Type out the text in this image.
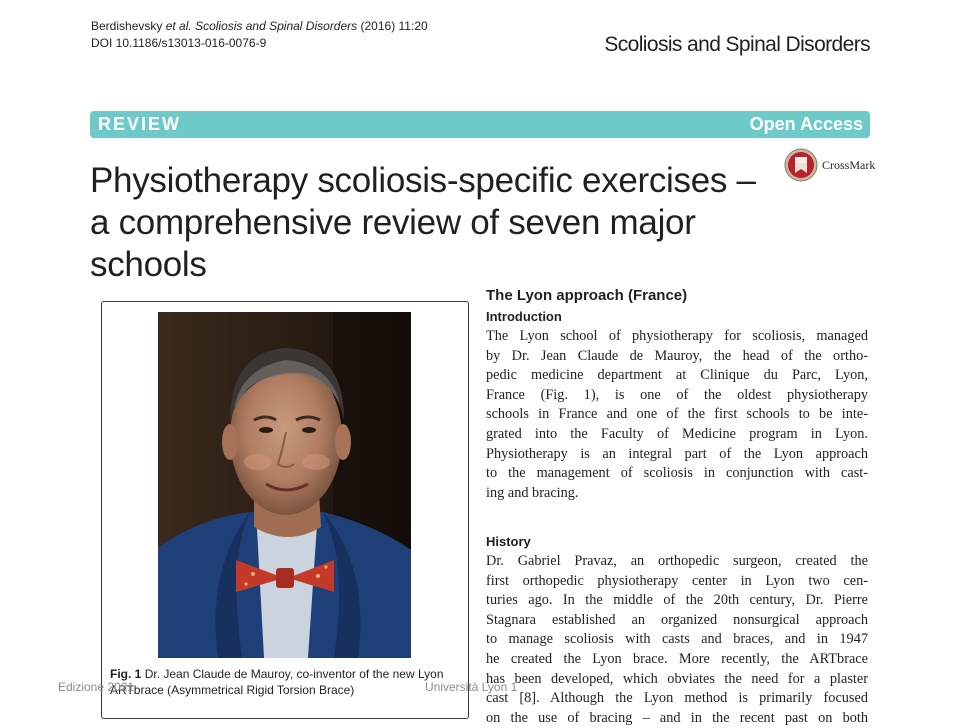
Berdishevsky et al. Scoliosis and Spinal Disorders (2016) 11:20
DOI 10.1186/s13013-016-0076-9	Scoliosis and Spinal Disorders
REVIEW	Open Access
Physiotherapy scoliosis-specific exercises –
a comprehensive review of seven major
schools
CrossMark
Fig. 1 Dr. Jean Claude de Mauroy, co-inventor of the new Lyon ARTbrace (Asymmetrical Rigid Torsion Brace)
Edizione 2021	Università Lyon 1
The Lyon approach (France)
Introduction
The Lyon school of physiotherapy for scoliosis, managed
by Dr. Jean Claude de Mauroy, the head of the ortho-
pedic medicine department at Clinique du Parc, Lyon,
France (Fig. 1), is one of the oldest physiotherapy
schools in France and one of the first schools to be inte-
grated into the Faculty of Medicine program in Lyon.
Physiotherapy is an integral part of the Lyon approach
to the management of scoliosis in conjunction with cast-
ing and bracing.
History
Dr. Gabriel Pravaz, an orthopedic surgeon, created the
first orthopedic physiotherapy center in Lyon two cen-
turies ago. In the middle of the 20th century, Dr. Pierre
Stagnara established an organized nonsurgical approach
to manage scoliosis with casts and braces, and in 1947
he created the Lyon brace. More recently, the ARTbrace
has been developed, which obviates the need for a plaster
cast [8]. Although the Lyon method is primarily focused
on the use of bracing – and in the recent past on both
